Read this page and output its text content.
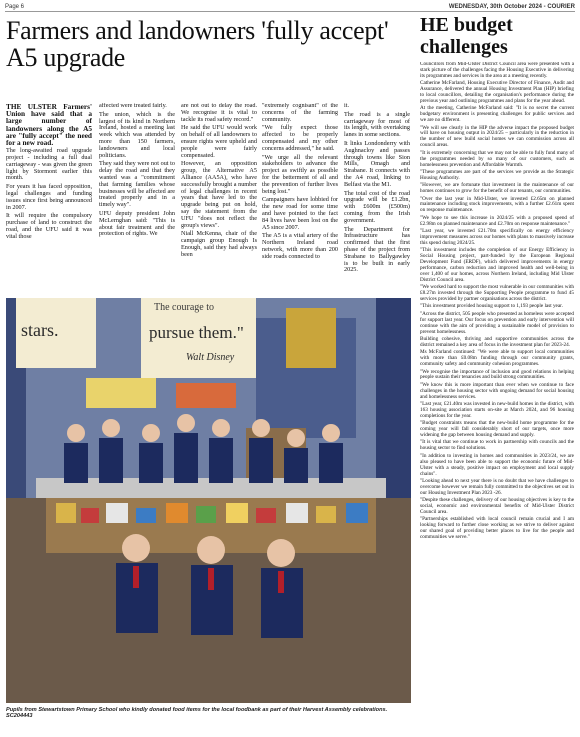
Page 6	WEDNESDAY, 30th October 2024 - COURIER
Farmers and landowners 'fully accept' A5 upgrade

THE ULSTER Farmers' Union have said that a large number of landowners along the A5 are "fully accept" the need for a new road.

The long-awaited road upgrade project - including a full dual carriageway - was given the green light by Stormont earlier this month.

For years it has faced opposition, legal challenges and funding issues since first being announced in 2007.

It will require the compulsory purchase of land to construct the road, and the UFU said it was vital those

affected were treated fairly.

The union, which is the largest of its kind in Northern Ireland, hosted a meeting last week which was attended by more than 150 farmers, landowners and local politicians.

They said they were not out to delay the road and that they wanted was a "commitment that farming families whose businesses will be affected are treated properly and in a timely way".

UFU deputy president John McLernghan said: "This is about fair treatment and the protection of rights. We

are not out to delay the road. We recognise it is vital to tackle its road safety record."

He said the UFU would work on behalf of all landowners to ensure rights were upheld and people were fairly compensated.

However, an opposition group, the Alternative A5 Alliance (AA5A), who have successfully brought a number of legal challenges in recent years that have led to the upgrade being put on hold, say the statement from the UFU "does not reflect the group's views".

Niall McKenna, chair of the campaign group Enough Is Enough, said they had always been

"extremely cognisant" of the concerns of the farming community.

"We fully expect those affected to be properly compensated and my other concerns addressed," he said.

"We urge all the relevant stakeholders to advance the project as swiftly as possible for the betterment of all and the prevention of further lives being lost."

Campaigners have lobbied for the new road for some time and have pointed to the fact 84 lives have been lost on the A5 since 2007.

The A5 is a vital artery of the Northern Ireland road network, with more than 200 side roads connected to

it.

The road is a single carriageway for most of its length, with overtaking lanes in some sections.

It links Londonderry with Aughnacloy and passes through towns like Sion Mills, Omagh and Strabane. It connects with the A4 road, linking to Belfast via the M1.

The total cost of the road upgrade will be £1.2bn, with £600m (£500m) coming from the Irish government.

The Department for Infrastructure has confirmed that the first phase of the project from Strabane to Ballygawley is to be built in early 2025.

HE budget challenges

Councillors from Mid-Ulster District Council area were presented with a stark picture of the challenges facing the Housing Executive in delivering its programmes and services in the area at a meeting recently.

Catherine McFarland, Housing Executive Director of Finance, Audit and Assurance, delivered the annual Housing Investment Plan (HIP) briefing to local councillors, detailing the organisation's performance during the previous year and outlining programmes and plans for the year ahead.

At the meeting, Catherine McFarland said: "It is no secret the current budgetary environment is presenting challenges for public services and we are no different.

"We will see clearly in the HIP the adverse impact the proposed budget will have on housing output in 2024/25 – particularly in the reduction in the number of new build social homes we can commission across all council areas.

"It is extremely concerning that we may not be able to fully fund many of the programmes needed by so many of our customers, such as homelessness prevention and Affordable Warmth.

"These programmes are part of the services we provide as the Strategic Housing Authority.

"However, we are fortunate that investment in the maintenance of our homes continues to grow for the benefit of our tenants, our communities.

"Over the last year in Mid-Ulster, we invested £2.65m on planned maintenance including stock improvements, with a further £2.61m spent on response maintenance.

"We hope to see this increase in 2024/25 with a proposed spend of £2.98m on planned maintenance and £2.70m on response maintenance."

"Last year, we invested £21.70m specifically on energy efficiency improvement measures across our homes with plans to massively increase this spend during 2024/25.

"This investment includes the completion of our Energy Efficiency in Social Housing project, part-funded by the European Regional Development Fund (ERDF), which delivered improvements in energy performance, carbon reduction and improved health and well-being in over 1,400 of our homes, across Northern Ireland, including Mid Ulster District Council area.

"We worked hard to support the most vulnerable in our communities with £8.27m invested through the Supporting People programme to fund 45 services provided by partner organisations across the district.

"This investment provided housing support to 1,193 people last year.

"Across the district, 505 people who presented as homeless were accepted for support last year. Our focus on prevention and early intervention will continue with the aim of providing a sustainable model of provision to prevent homelessness.

Building cohesive, thriving and supportive communities across the district remained a key area of focus in the investment plan for 2023-24.

Ms McFarland continued: "We were able to support local communities with more than £0.08m funding through our community grants, community safety and community cohesion programmes.

"We recognise the importance of inclusion and good relations in helping people sustain their tenancies and build strong communities.

"We know this is more important than ever when we continue to face challenges in the housing sector with ongoing demand for social housing and homelessness services.

"Last year, £21.40m was invested in new-build homes in the district, with 163 housing association starts on-site at March 2024, and 96 housing completions for the year.

"Budget constraints means that the new-build home programme for the coming year will fall considerably short of our targets, once more widening the gap between housing demand and supply.

"It is vital that we continue to work in partnership with councils and the housing sector to find solutions.

"In addition to investing in homes and communities in 2023/24, we are also pleased to have been able to support the economic future of Mid-Ulster with a steady, positive impact on employment and local supply chains".

"Looking ahead to next year there is no doubt that we have challenges to overcome however we remain fully committed to the objectives set out in our Housing Investment Plan 2023 -26.

"Despite these challenges, delivery of our housing objectives is key to the social, economic and environmental benefits of Mid-Ulster District Council area.

"Partnerships established with local council remain crucial and I am looking forward to further close working as we strive to deliver against our shared goal of providing better places to live for the people and communities we serve."

stars.
The courage to
pursue them."
Walt Disney
Pupils from Stewartstown Primary School who kindly donated food items for the local foodbank as part of their Harvest Assembly celebrations. SC204443
